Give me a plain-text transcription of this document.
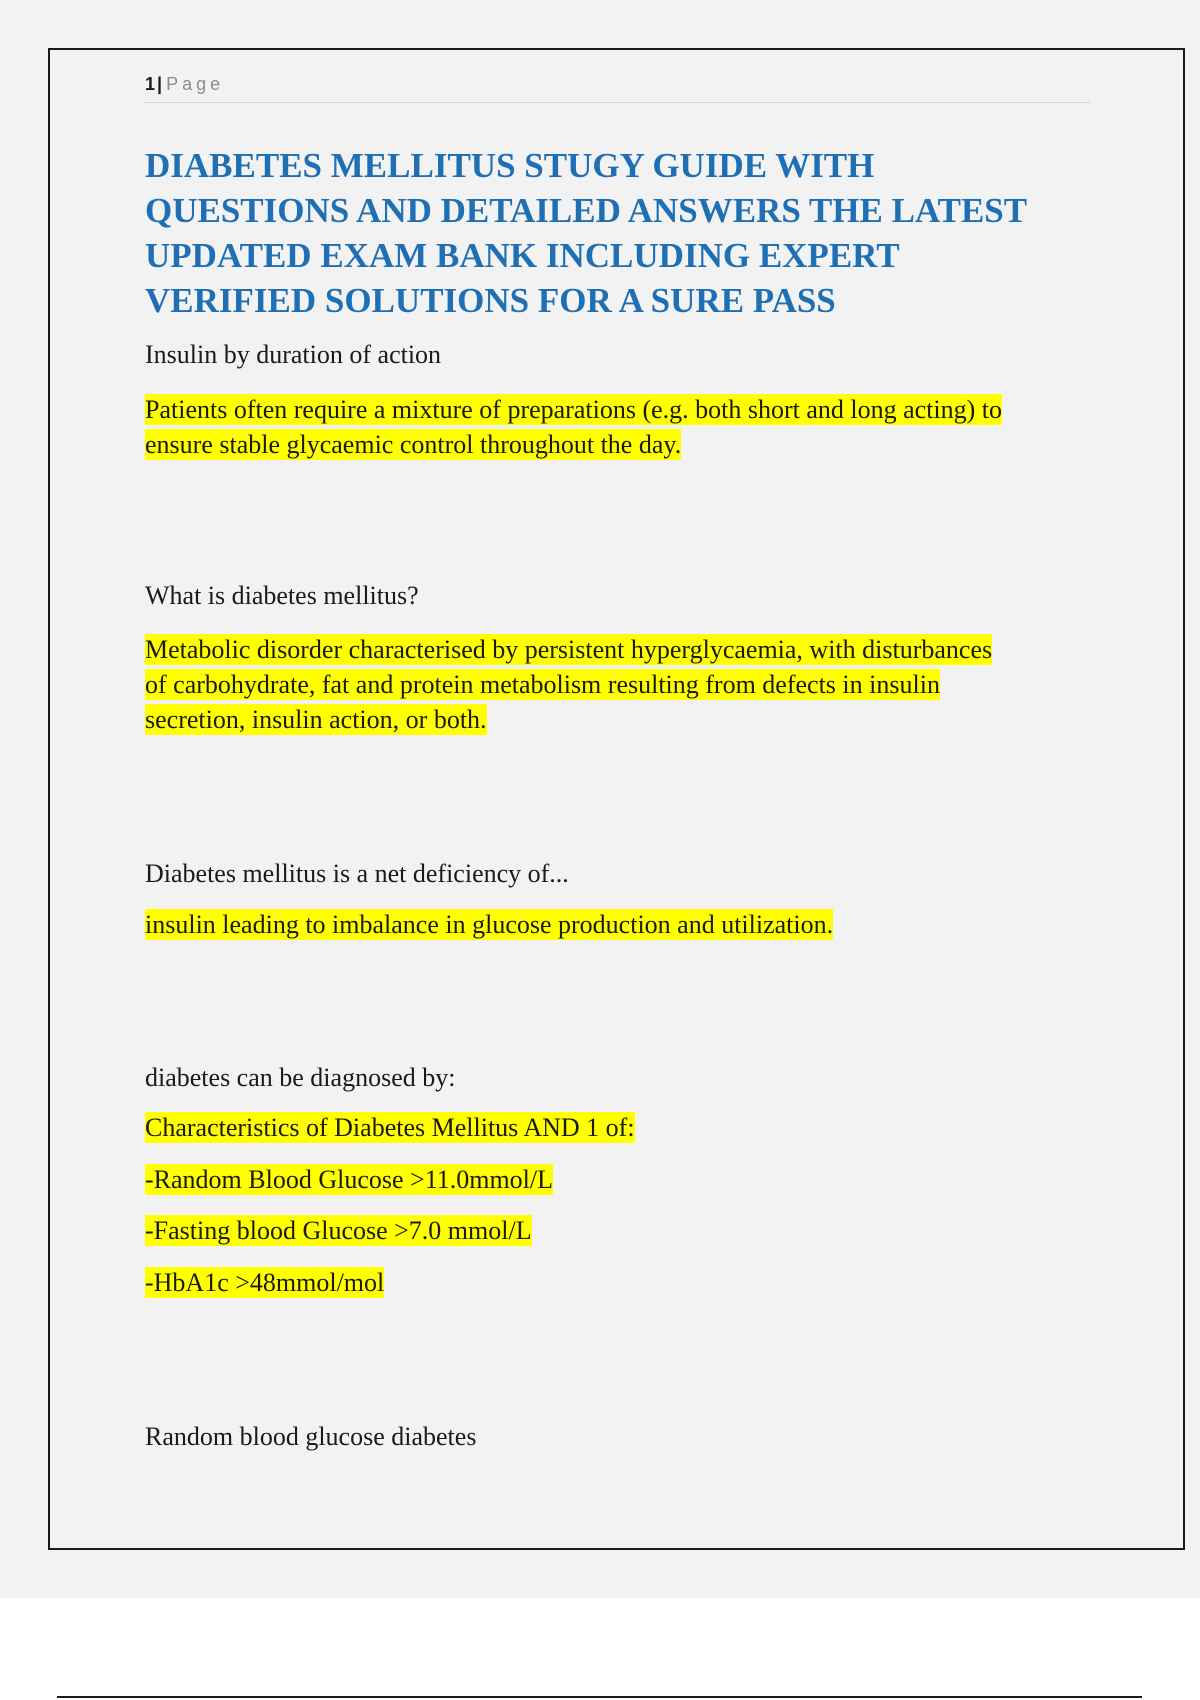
1 | Page
DIABETES MELLITUS STUGY GUIDE WITH
QUESTIONS AND DETAILED ANSWERS THE LATEST
UPDATED EXAM BANK INCLUDING EXPERT
VERIFIED SOLUTIONS FOR A SURE PASS

Insulin by duration of action

Patients often require a mixture of preparations (e.g. both short and long acting) to
ensure stable glycaemic control throughout the day.

What is diabetes mellitus?

Metabolic disorder characterised by persistent hyperglycaemia, with disturbances
of carbohydrate, fat and protein metabolism resulting from defects in insulin
secretion, insulin action, or both.

Diabetes mellitus is a net deficiency of...

insulin leading to imbalance in glucose production and utilization.

diabetes can be diagnosed by:

Characteristics of Diabetes Mellitus AND 1 of:

-Random Blood Glucose >11.0mmol/L

-Fasting blood Glucose >7.0 mmol/L

-HbA1c >48mmol/mol

Random blood glucose diabetes
